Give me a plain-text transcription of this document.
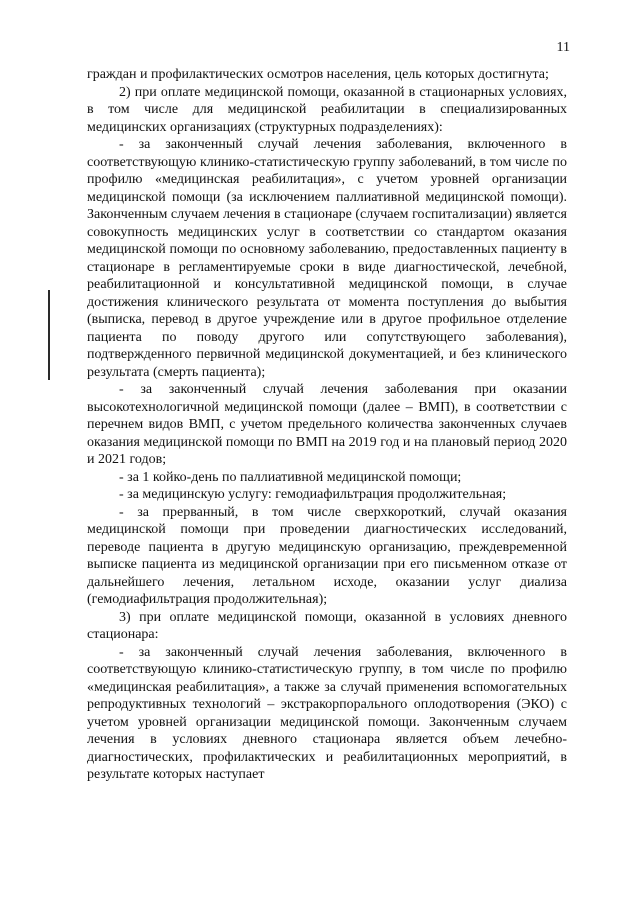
11

граждан и профилактических осмотров населения, цель которых достигнута;

2) при оплате медицинской помощи, оказанной в стационарных условиях, в том числе для медицинской реабилитации в специализированных медицинских организациях (структурных подразделениях):

- за законченный случай лечения заболевания, включенного в соответствующую клинико-статистическую группу заболеваний, в том числе по профилю «медицинская реабилитация», с учетом уровней организации медицинской помощи (за исключением паллиативной медицинской помощи). Законченным случаем лечения в стационаре (случаем госпитализации) является совокупность медицинских услуг в соответствии со стандартом оказания медицинской помощи по основному заболеванию, предоставленных пациенту в стационаре в регламентируемые сроки в виде диагностической, лечебной, реабилитационной и консультативной медицинской помощи, в случае достижения клинического результата от момента поступления до выбытия (выписка, перевод в другое учреждение или в другое профильное отделение пациента по поводу другого или сопутствующего заболевания), подтвержденного первичной медицинской документацией, и без клинического результата (смерть пациента);

- за законченный случай лечения заболевания при оказании высокотехнологичной медицинской помощи (далее – ВМП), в соответствии с перечнем видов ВМП, с учетом предельного количества законченных случаев оказания медицинской помощи по ВМП на 2019 год и на плановый период 2020 и 2021 годов;

- за 1 койко-день по паллиативной медицинской помощи;

- за медицинскую услугу: гемодиафильтрация продолжительная;

- за прерванный, в том числе сверхкороткий, случай оказания медицинской помощи при проведении диагностических исследований, переводе пациента в другую медицинскую организацию, преждевременной выписке пациента из медицинской организации при его письменном отказе от дальнейшего лечения, летальном исходе, оказании услуг диализа (гемодиафильтрация продолжительная);

3) при оплате медицинской помощи, оказанной в условиях дневного стационара:

- за законченный случай лечения заболевания, включенного в соответствующую клинико-статистическую группу, в том числе по профилю «медицинская реабилитация», а также за случай применения вспомогательных репродуктивных технологий – экстракорпорального оплодотворения (ЭКО) с учетом уровней организации медицинской помощи. Законченным случаем лечения в условиях дневного стационара является объем лечебно-диагностических, профилактических и реабилитационных мероприятий, в результате которых наступает
